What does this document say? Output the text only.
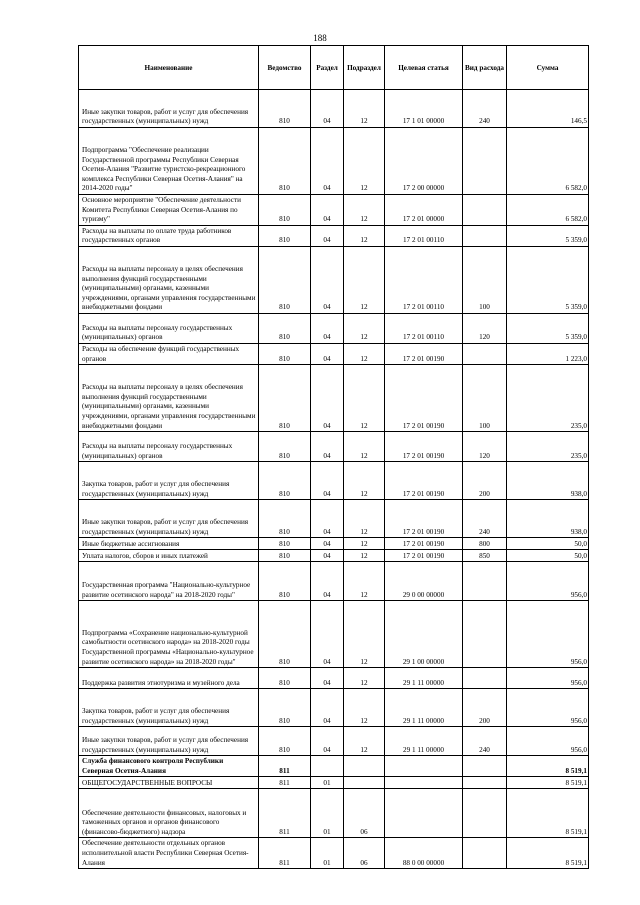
188
Наименование	Ведомство	Раздел	Подраздел	Целевая статья	Вид расхода	Сумма
Иные закупки товаров, работ и услуг для обеспечения государственных (муниципальных) нужд	810	04	12	17 1 01 00000	240	146,5
Подпрограмма "Обеспечение реализации Государственной программы Республики Северная Осетия-Алания "Развитие туристско-рекреационного комплекса Республики Северная Осетия-Алания" на 2014-2020 годы"	810	04	12	17 2 00 00000		6 582,0
Основное мероприятие "Обеспечение деятельности Комитета Республики Северная Осетия-Алания по туризму"	810	04	12	17 2 01 00000		6 582,0
Расходы на выплаты по оплате труда работников государственных органов	810	04	12	17 2 01 00110		5 359,0
Расходы на выплаты персоналу в целях обеспечения выполнения функций государственными (муниципальными) органами, казенными учреждениями, органами управления государственными внебюджетными фондами	810	04	12	17 2 01 00110	100	5 359,0
Расходы на выплаты персоналу государственных (муниципальных) органов	810	04	12	17 2 01 00110	120	5 359,0
Расходы на обеспечение функций государственных органов	810	04	12	17 2 01 00190		1 223,0
Расходы на выплаты персоналу в целях обеспечения выполнения функций государственными (муниципальными) органами, казенными учреждениями, органами управления государственными внебюджетными фондами	810	04	12	17 2 01 00190	100	235,0
Расходы на выплаты персоналу государственных (муниципальных) органов	810	04	12	17 2 01 00190	120	235,0
Закупка товаров, работ и услуг для обеспечения государственных (муниципальных) нужд	810	04	12	17 2 01 00190	200	938,0
Иные закупки товаров, работ и услуг для обеспечения государственных (муниципальных) нужд	810	04	12	17 2 01 00190	240	938,0
Иные бюджетные ассигнования	810	04	12	17 2 01 00190	800	50,0
Уплата налогов, сборов и иных платежей	810	04	12	17 2 01 00190	850	50,0
Государственная программа "Национально-культурное развитие осетинского народа" на 2018-2020 годы"	810	04	12	29 0 00 00000		956,0
Подпрограмма «Сохранение национально-культурной самобытности осетинского народа» на 2018-2020 годы Государственной программы «Национально-культурное развитие осетинского народа» на 2018-2020 годы"	810	04	12	29 1 00 00000		956,0
Поддержка развития этнотуризма и музейного дела	810	04	12	29 1 11 00000		956,0
Закупка товаров, работ и услуг для обеспечения государственных (муниципальных) нужд	810	04	12	29 1 11 00000	200	956,0
Иные закупки товаров, работ и услуг для обеспечения государственных (муниципальных) нужд	810	04	12	29 1 11 00000	240	956,0
Служба финансового контроля Республики Северная Осетия-Алания	811					8 519,1
ОБЩЕГОСУДАРСТВЕННЫЕ ВОПРОСЫ	811	01				8 519,1
Обеспечение деятельности финансовых, налоговых и таможенных органов и органов финансового (финансово-бюджетного) надзора	811	01	06			8 519,1
Обеспечение деятельности отдельных органов исполнительной власти Республики Северная Осетия-Алания	811	01	06	88 0 00 00000		8 519,1
